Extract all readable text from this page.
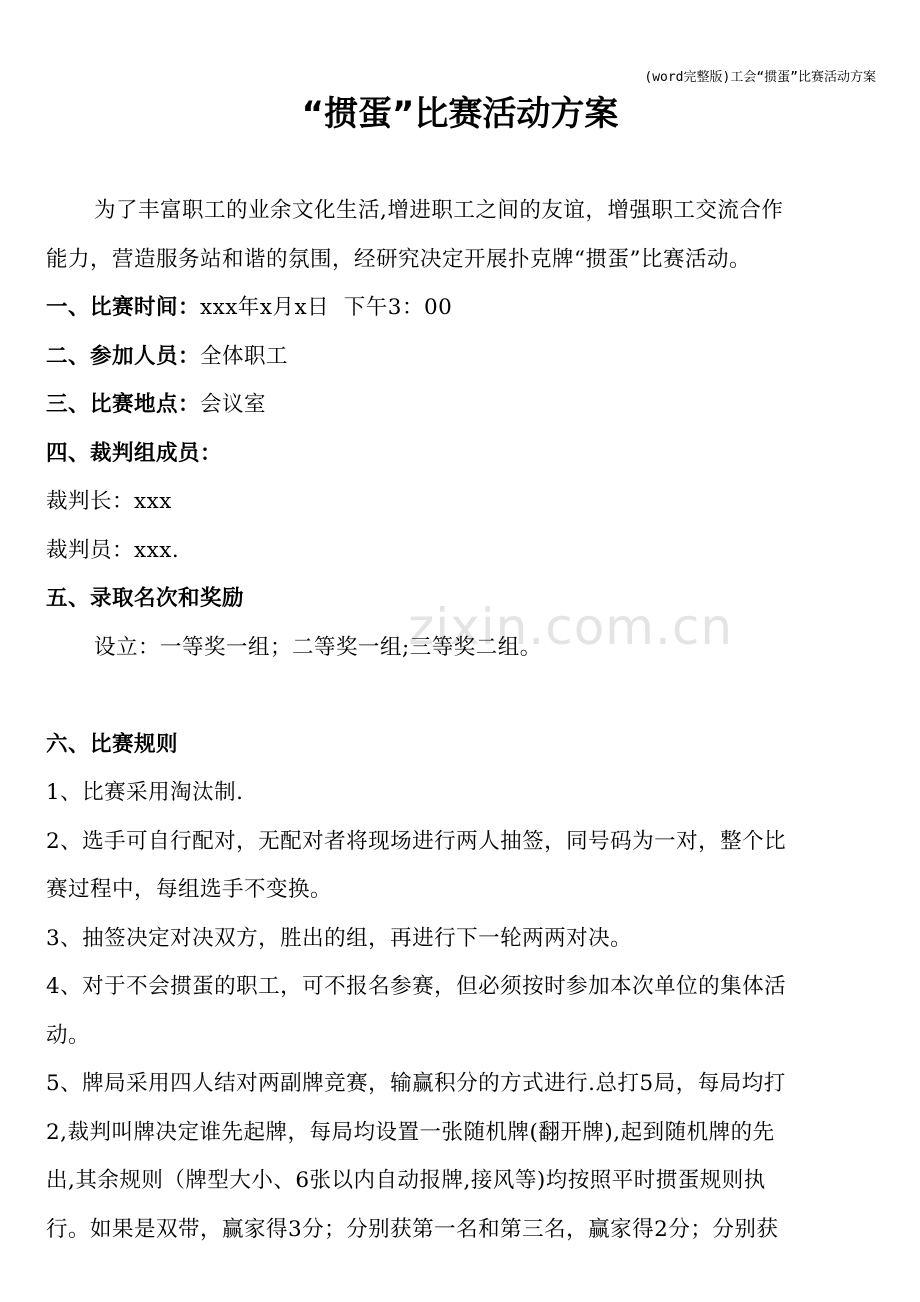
(word完整版)工会“掼蛋”比赛活动方案
“掼蛋”比赛活动方案
zixin.com.cn
为了丰富职工的业余文化生活,增进职工之间的友谊，增强职工交流合作
能力，营造服务站和谐的氛围，经研究决定开展扑克牌“掼蛋”比赛活动。
一、比赛时间：xxx年x月x日  下午3：00
二、参加人员：全体职工
三、比赛地点：会议室
四、裁判组成员：
裁判长：xxx
裁判员：xxx.
五、录取名次和奖励
设立：一等奖一组；二等奖一组;三等奖二组。
六、比赛规则
1、比赛采用淘汰制.
2、选手可自行配对，无配对者将现场进行两人抽签，同号码为一对，整个比
赛过程中，每组选手不变换。
3、抽签决定对决双方，胜出的组，再进行下一轮两两对决。
4、对于不会掼蛋的职工，可不报名参赛，但必须按时参加本次单位的集体活
动。
5、牌局采用四人结对两副牌竞赛，输赢积分的方式进行.总打5局，每局均打
2,裁判叫牌决定谁先起牌，每局均设置一张随机牌(翻开牌),起到随机牌的先
出,其余规则（牌型大小、6张以内自动报牌,接风等)均按照平时掼蛋规则执
行。如果是双带，赢家得3分；分别获第一名和第三名，赢家得2分；分别获
